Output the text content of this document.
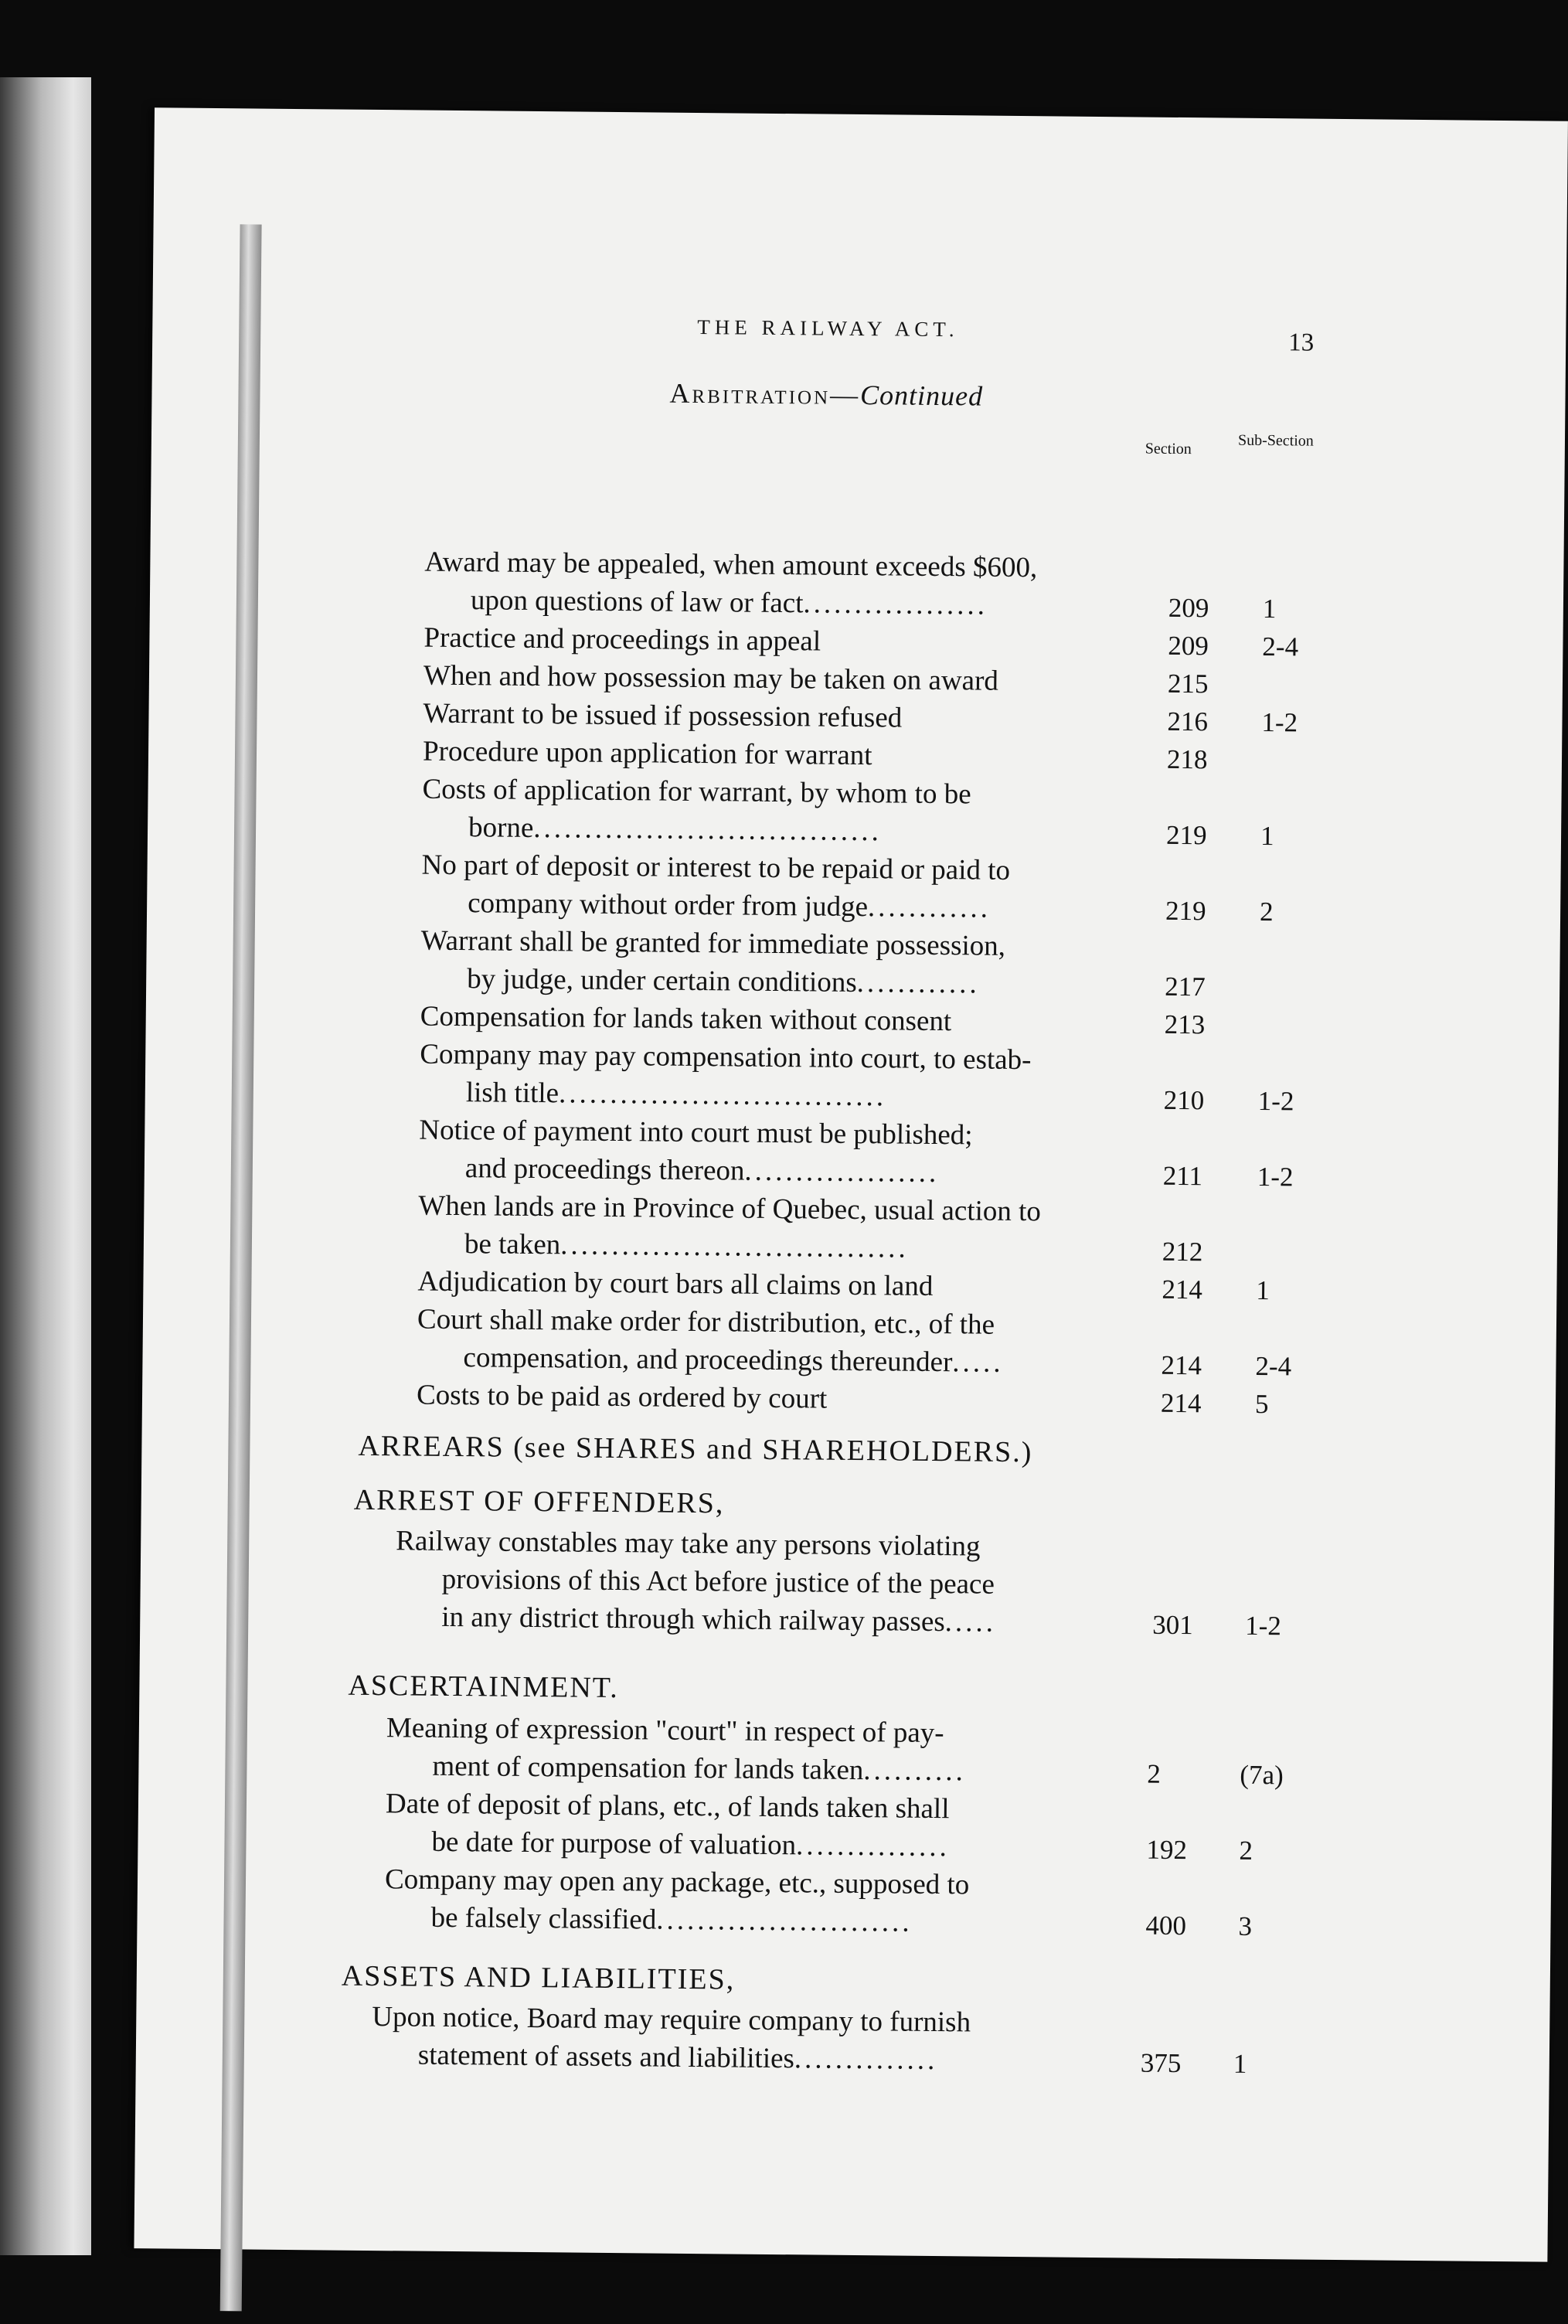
THE RAILWAY ACT.
13
Arbitration—Continued
Section	Sub-Section
Award may be appealed, when amount exceeds $600,
upon questions of law or fact..................	209 1
Practice and proceedings in appeal	209 2-4
When and how possession may be taken on award	215
Warrant to be issued if possession refused	216 1-2
Procedure upon application for warrant	218
Costs of application for warrant, by whom to be
borne..................................	219 1
No part of deposit or interest to be repaid or paid to
company without order from judge............	219 2
Warrant shall be granted for immediate possession,
by judge, under certain conditions............	217
Compensation for lands taken without consent	213
Company may pay compensation into court, to estab-
lish title................................	210 1-2
Notice of payment into court must be published;
and proceedings thereon...................	211 1-2
When lands are in Province of Quebec, usual action to
be taken..................................	212
Adjudication by court bars all claims on land	214 1
Court shall make order for distribution, etc., of the
compensation, and proceedings thereunder.....	214 2-4
Costs to be paid as ordered by court	214 5
ARREARS (see SHARES and SHAREHOLDERS.)
ARREST OF OFFENDERS,
Railway constables may take any persons violating
provisions of this Act before justice of the peace
in any district through which railway passes.....	301 1-2
ASCERTAINMENT.
Meaning of expression "court" in respect of pay-
ment of compensation for lands taken..........	2	(7a)
Date of deposit of plans, etc., of lands taken shall
be date for purpose of valuation...............	192 2
Company may open any package, etc., supposed to
be falsely classified.........................	400 3
ASSETS AND LIABILITIES,
Upon notice, Board may require company to furnish
statement of assets and liabilities..............	375 1
